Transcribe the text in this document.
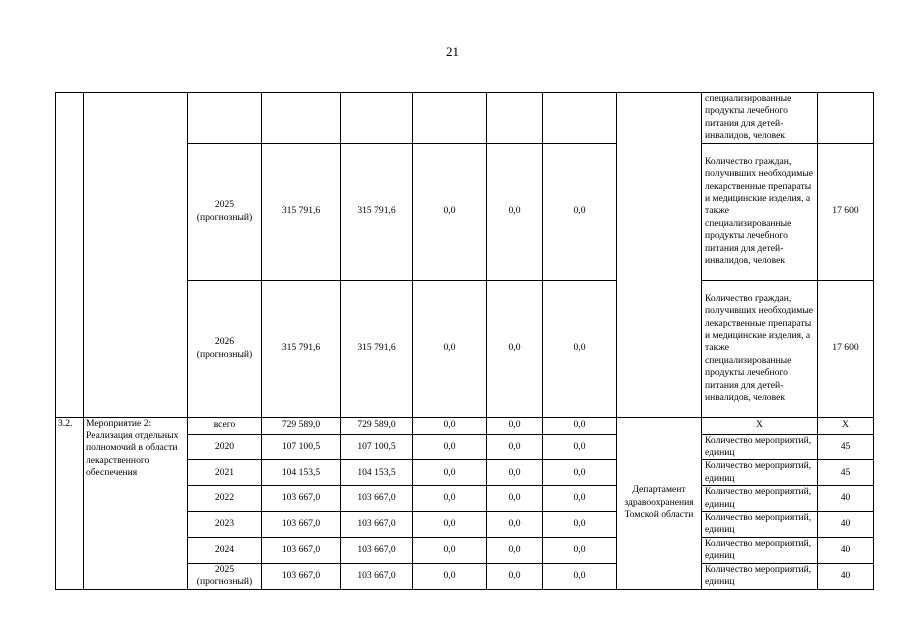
21
									специализированные продукты лечебного питания для детей-инвалидов, человек	
		2025 (прогнозный)	315 791,6	315 791,6	0,0	0,0	0,0		Количество граждан, получивших необходимые лекарственные препараты и медицинские изделия, а также специализированные продукты лечебного питания для детей-инвалидов, человек	17 600
		2026 (прогнозный)	315 791,6	315 791,6	0,0	0,0	0,0		Количество граждан, получивших необходимые лекарственные препараты и медицинские изделия, а также специализированные продукты лечебного питания для детей-инвалидов, человек	17 600
3.2.	Мероприятие 2: Реализация отдельных полномочий в области лекарственного обеспечения	всего	729 589,0	729 589,0	0,0	0,0	0,0	Департамент здравоохранения Томской области	X	X
		2020	107 100,5	107 100,5	0,0	0,0	0,0		Количество мероприятий, единиц	45
		2021	104 153,5	104 153,5	0,0	0,0	0,0		Количество мероприятий, единиц	45
		2022	103 667,0	103 667,0	0,0	0,0	0,0		Количество мероприятий, единиц	40
		2023	103 667,0	103 667,0	0,0	0,0	0,0		Количество мероприятий, единиц	40
		2024	103 667,0	103 667,0	0,0	0,0	0,0		Количество мероприятий, единиц	40
		2025 (прогнозный)	103 667,0	103 667,0	0,0	0,0	0,0		Количество мероприятий, единиц	40
